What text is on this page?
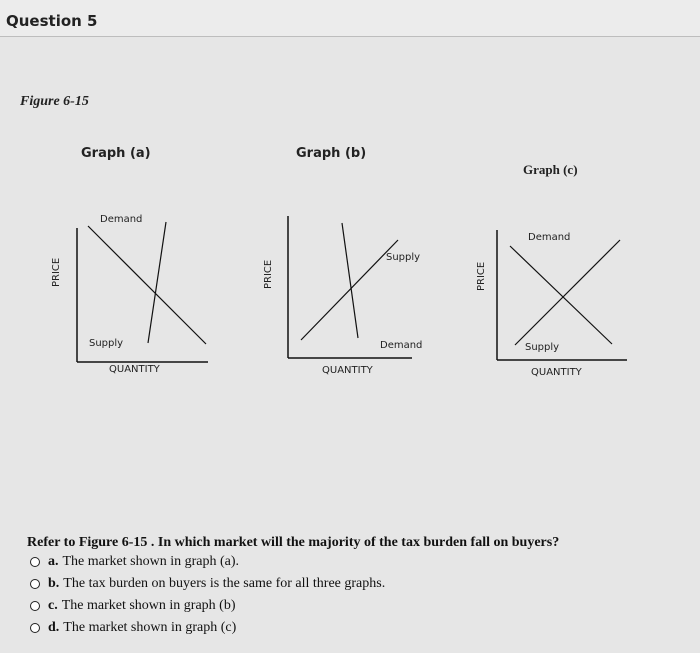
Question 5
Figure 6-15
Graph (a)	Graph (b)
Graph (c)
Demand
Supply
QUANTITY
PRICE
Supply
Demand
QUANTITY
PRICE
Demand
Supply
QUANTITY
PRICE
Refer to Figure 6-15 . In which market will the majority of the tax burden fall on buyers?
a. The market shown in graph (a).
b. The tax burden on buyers is the same for all three graphs.
c. The market shown in graph (b)
d. The market shown in graph (c)
